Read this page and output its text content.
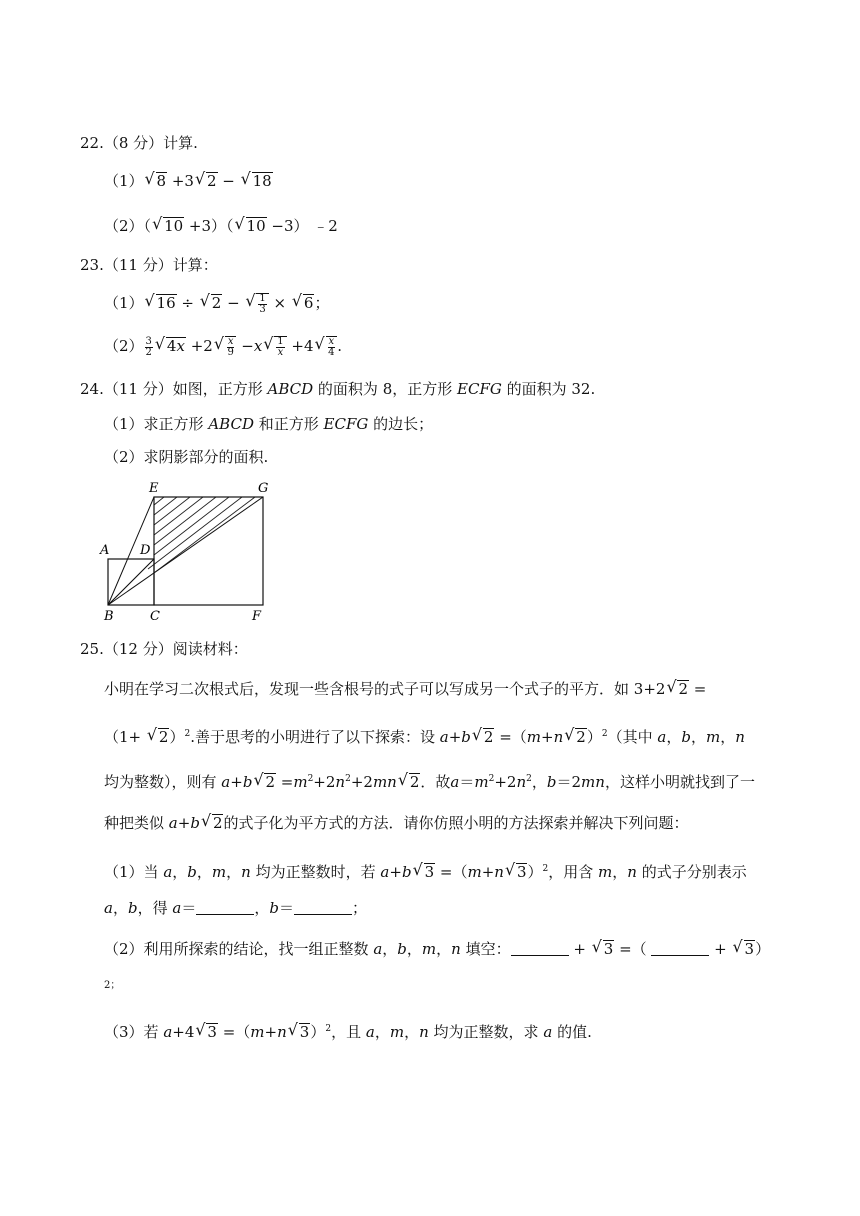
22.（8 分）计算.
（1）√ 8 +3√ 2 − √ 18
（2）（√ 10 +3）（√ 10 −3） ﹣2
23.（11 分）计算：
（1）√ 16 ÷ √ 2 −
√ $\frac{1}{3}$ × √ 6；
$(2) \frac{3}{2}$
√ 4x +2
√ $\frac{x}{9} -x$
√ $\frac{1}{x} +4$
√ $\frac{x}{4}$ .
24.（11 分）如图，正方形 ABCD 的面积为 8，正方形 ECFG 的面积为 32.
（1）求正方形 ABCD 和正方形 ECFG 的边长；
（2）求阴影部分的面积.
E	G
A D
B	C	F
25.（12 分）阅读材料：
小明在学习二次根式后，发现一些含根号的式子可以写成另一个式子的平方．如 3+2√ 2 =
（1+ √ 2）$^2$.善于思考的小明进行了以下探索：设 a+b√ 2 =（m+n√ 2）$^2$（其中 a，b，m，n
均为整数），则有 a+b√ $2 =m^2+2n^2+2mn√$ 2．故$a=m^2+2n^2$，b＝2mn，这样小明就找到了一
种把类似 a+b√ 2的式子化为平方式的方法．请你仿照小明的方法探索并解决下列问题：
（1）当 a，b，m，n 均为正整数时，若 a+b√ 3 =（m+n√ 3）$^2$，用含 m，n 的式子分别表示
a，b，得 a＝	，b＝	；
（2）利用所探索的结论，找一组正整数 a，b，m，n 填空：	+ √ 3 =（	+ √ 3）
2；
（3）若 a+4√ 3 =（m+n√ 3）$^2$，且 a，m，n 均为正整数，求 a 的值.
